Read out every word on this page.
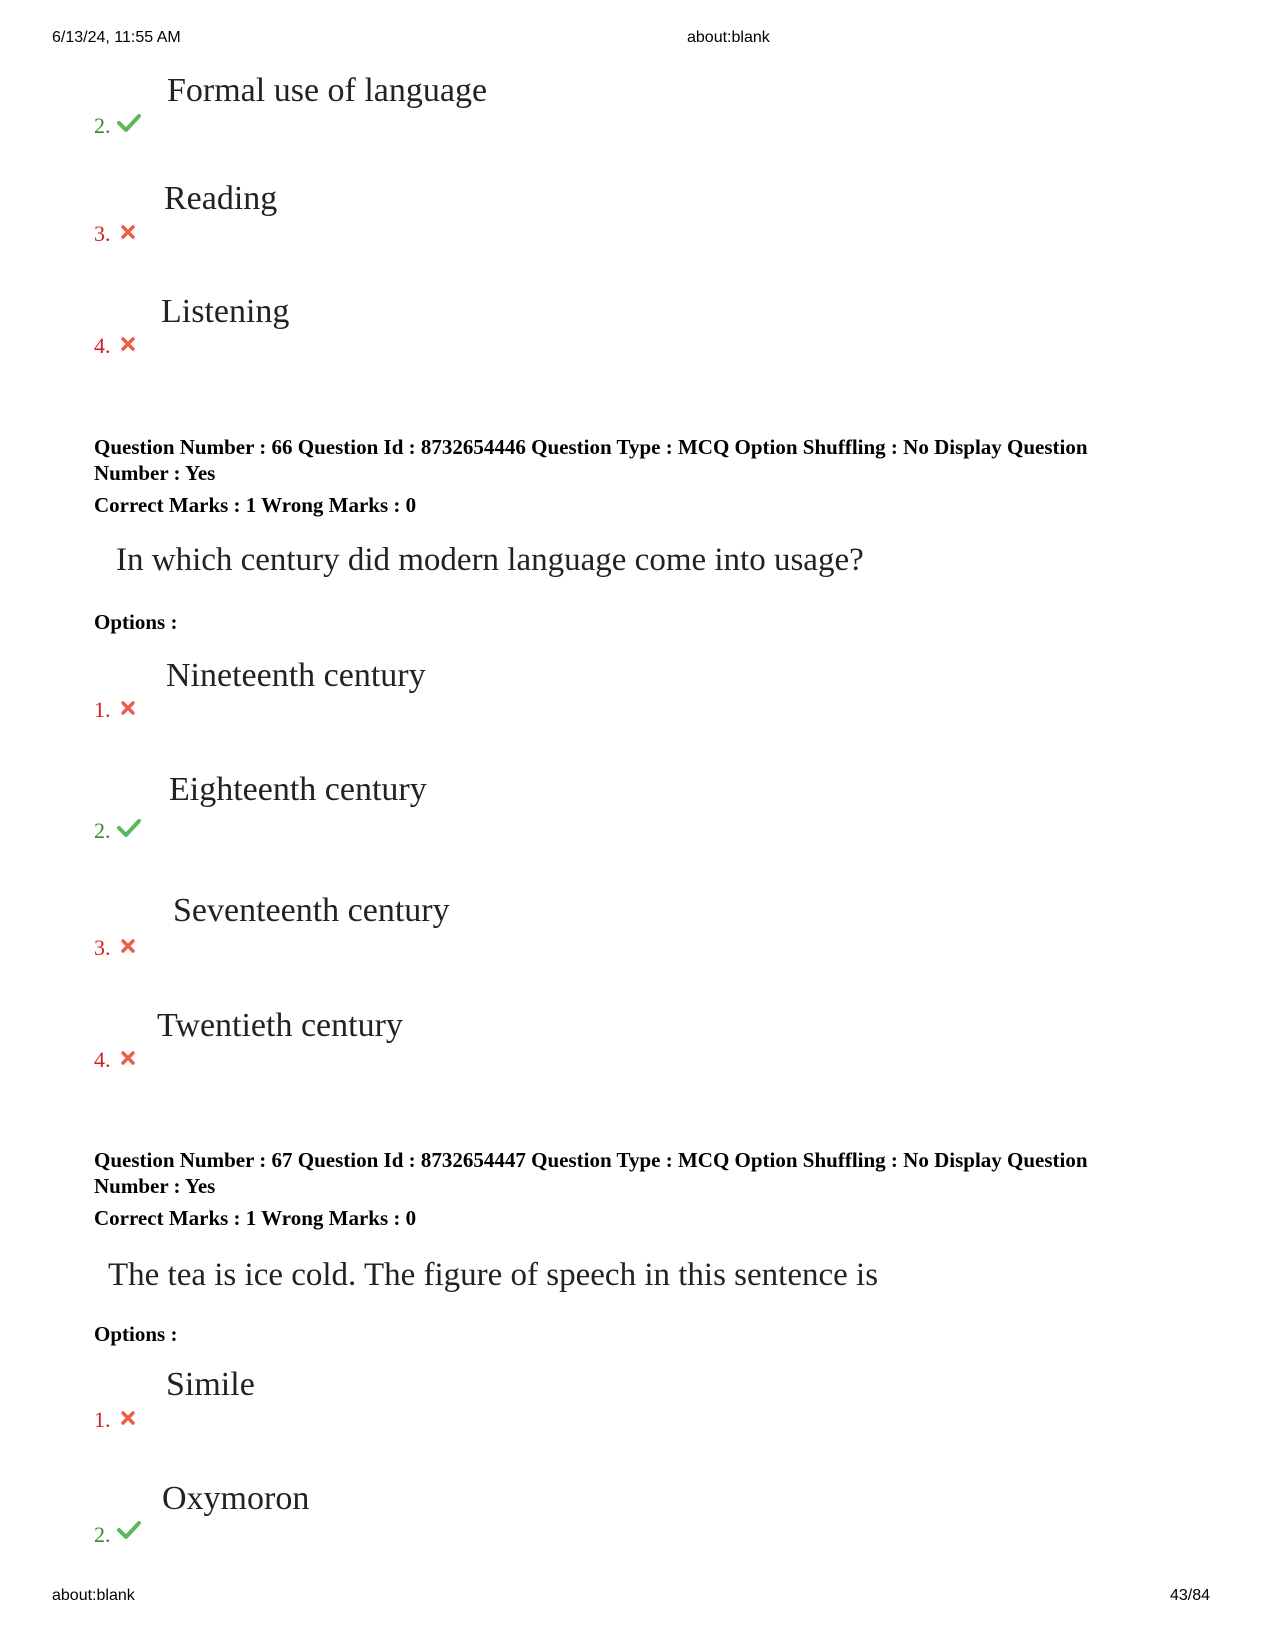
6/13/24, 11:55 AM	about:blank
Formal use of language
2.
Reading
3.
Listening
4.
Question Number : 66 Question Id : 8732654446 Question Type : MCQ Option Shuffling : No Display Question
Number : Yes
Correct Marks : 1 Wrong Marks : 0
In which century did modern language come into usage?
Options :
Nineteenth century
1.
Eighteenth century
2.
Seventeenth century
3.
Twentieth century
4.
Question Number : 67 Question Id : 8732654447 Question Type : MCQ Option Shuffling : No Display Question
Number : Yes
Correct Marks : 1 Wrong Marks : 0
The tea is ice cold. The figure of speech in this sentence is
Options :
Simile
1.
Oxymoron
2.
about:blank	43/84
